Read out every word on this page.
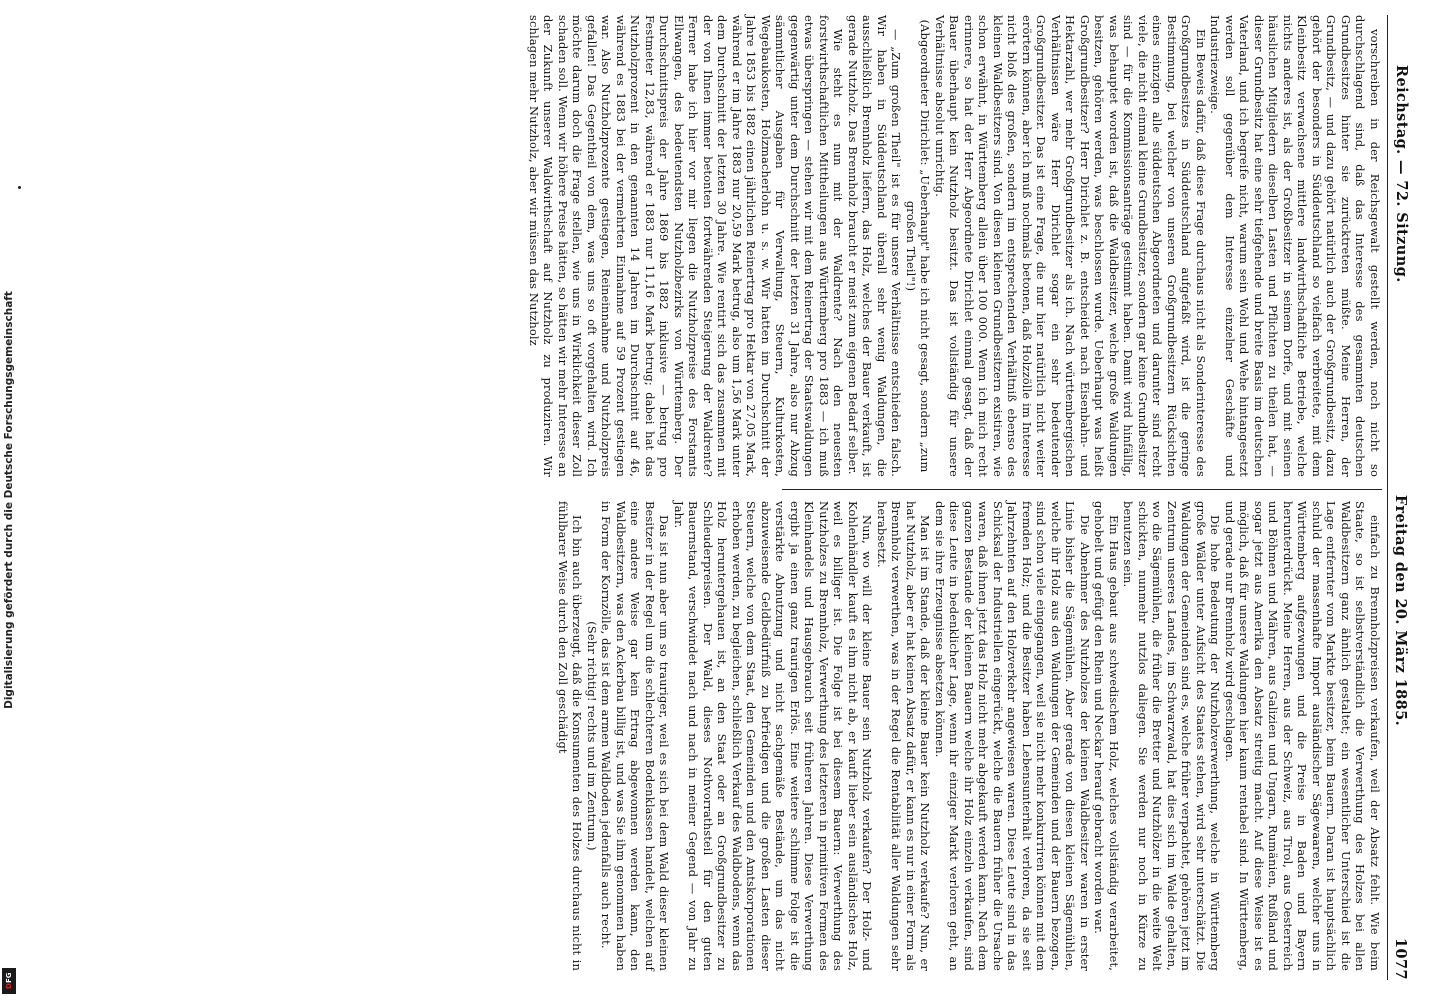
Digitalisierung gefördert durch die Deutsche Forschungsgemeinschaft
D
FG
Freitag den 20. März 1885.
1077
Reichstag. — 72. Sitzung.

vorschreiben in der Reichsgewalt gestellt werden, noch nicht so durchschlagend sind, daß das Interesse des gesammten deutschen Grundbesitzes hinter sie zurücktreten müßte. Meine Herren, der Grundbesitz, — und dazu gehört natürlich auch der Großgrundbesitz, dazu gehört der besonders in Süddeutschland so vielfach verbreitete, mit dem Kleinbesitz verwachsene mittlere landwirthschaftliche Betriebe, welche nichts anderes ist, als der Großbesitzer in seinem Dorfe, und mit seinen häuslichen Mitgliedern dieselben Lasten und Pflichten zu theilen hat, — dieser Grundbesitz hat eine sehr tiefgehende und breite Basis im deutschen Vaterland, und ich begreife nicht, warum sein Wohl und Wehe hintangesetzt werden soll gegenüber dem Interesse einzelner Geschäfte und Industriezweige.

Ein Beweis dafür, daß diese Frage durchaus nicht als Sonderinteresse des Großgrundbesitzes in Süddeutschland aufgefaßt wird, ist die geringe Bestimmung, bei welcher von unseren Großgrundbesitzern Rücksichten eines einzigen alle süddeutschen Abgeordneten und darunter sind recht viele, die nicht einmal kleine Grundbesitzer, sondern gar keine Grundbesitzer sind — für die Kommissionsanträge gestimmt haben. Damit wird hinfällig, was behauptet worden ist, daß die Waldbesitzer, welche große Waldungen besitzen, gehören werden, was beschlossen wurde. Ueberhaupt was heißt Großgrundbesitzer? Herr Dirichlet z. B. entscheidet nach Eisenbahn- und Hektarzahl, wer mehr Großgrundbesitzer als ich. Nach württembergischen Verhältnissen wäre Herr Dirichlet sogar ein sehr bedeutender Großgrundbesitzer. Das ist eine Frage, die nur hier natürlich nicht weiter erörtern können, aber ich muß nochmals betonen, daß Holzzölle im Interesse nicht bloß des großen, sondern im entsprechenden Verhältniß ebenso des kleinen Waldbesitzers sind. Von diesen kleinen Grundbesitzern existiren, wie schon erwähnt, in Württemberg allein über 100 000. Wenn ich mich recht erinnere, so hat der Herr Abgeordnete Dirichlet einmal gesagt, daß der Bauer überhaupt kein Nutzholz besitzt. Das ist vollständig für unsere Verhältnisse absolut unrichtig.

(Abgeordneter Dirichlet: „Ueberhaupt" habe ich nicht gesagt, sondern „zum großen Theil"!)

— „Zum großen Theil" ist es für unsere Verhältnisse entschieden falsch. Wir haben in Süddeutschland überall sehr wenig Waldungen, die ausschließlich Brennholz liefern, das Holz, welches der Bauer verkauft, ist gerade Nutzholz. Das Brennholz braucht er meist zum eigenen Bedarf selber.

Wie steht es nun mit der Waldrente? Nach den neuesten forstwirthschaftlichen Mittheilungen aus Württemberg pro 1883 — ich muß etwas überspringen — stehen wir mit dem Reinertrag der Staatswaldungen gegenwärtig unter dem Durchschnitt der letzten 31 Jahre, also nur Abzug sämmtlicher Ausgaben für Verwaltung, Steuern, Kulturkosten, Wegebaukosten, Holzmacherlohn u. s. w. Wir hatten im Durchschnitt der Jahre 1853 bis 1882 einen jährlichen Reinertrag pro Hektar von 27,05 Mark, während er im Jahre 1883 nur 20,59 Mark betrug, also um 1,56 Mark unter dem Durchschnitt der letzten 30 Jahre. Wie rentirt sich das zusammen mit der von Ihnen immer betonten fortwährenden Steigerung der Waldrente? Ferner habe ich hier vor mir liegen die Nutzholzpreise des Forstamts Ellwangen, des bedeutendsten Nutzholzbezirks von Württemberg. Der Durchschnittspreis der Jahre 1869 bis 1882 inklusive — betrug pro Festmeter 12,83, während er 1883 nur 11,16 Mark betrug; dabei hat das Nutzholzprozent in den genannten 14 Jahren im Durchschnitt auf 46, während es 1883 bei der vermehrten Einnahme auf 59 Prozent gestiegen war. Also Nutzholzprozente gestiegen, Reineinnahme und Nutzholzpreis gefallen! Das Gegentheil von dem, was uns so oft vorgehalten wird. Ich möchte darum doch die Frage stellen, wie uns in Wirklichkeit dieser Zoll schaden soll. Wenn wir höhere Preise hätten, so hätten wir mehr Interesse an der Zukunft unserer Waldwirthschaft auf Nutzholz zu produziren. Wir schlagen mehr Nutzholz, aber wir müssen das Nutzholz

einfach zu Brennholzpreisen verkaufen, weil der Absatz fehlt. Wie beim Staate, so ist selbstverständlich die Verwerthung des Holzes bei allen Waldbesitzern ganz ähnlich gestaltet; ein wesentlicher Unterschied ist die Lage entfernter vom Markte besitzer, beim Bauern. Daran ist hauptsächlich schuld der massenhafte Import ausländischer Sägewaaren, welcher uns in Württemberg aufgezwungen und die Preise in Baden und Bayern herunterdrückt. Meine Herren, aus der Schweiz, aus Tirol, aus Oesterreich und Böhmen und Mähren, aus Galizien und Ungarn, Rumänien, Rußland und sogar jetzt aus Amerika den Absatz streitig macht. Auf diese Weise ist es möglich, daß für unsere Waldungen hier kaum rentabel sind. In Württemberg, und gerade nur Brennholz wird geschlagen.

Die hohe Bedeutung der Nutzholzverwerthung, welche in Württemberg große Wälder unter Aufsicht des Staates stehen, wird sehr unterschätzt. Die Waldungen der Gemeinden sind es, welche früher verpachtet, gehören jetzt im Zentrum unseres Landes, im Schwarzwald, hat dies sich im Walde gehalten, wo die Sägemühlen, die früher die Bretter und Nutzhölzer in die weite Welt schickten, nunmehr nutzlos daliegen. Sie werden nur noch in Kürze zu benutzen sein.

Ein Haus gebaut aus schwedischem Holz, welches vollständig verarbeitet, gehobelt und gefügt den Rhein und Neckar herauf gebracht worden war.

Die Abnehmer des Nutzholzes der kleinen Waldbesitzer waren in erster Linie bisher die Sägemühlen. Aber gerade von diesen kleinen Sägemühlen, welche ihr Holz aus den Waldungen der Gemeinden und der Bauern bezogen, sind schon viele eingegangen, weil sie nicht mehr konkurriren können mit dem fremden Holz; und die Besitzer haben Lebensunterhalt verloren, da sie seit Jahrzehnten auf den Holzverkehr angewiesen waren. Diese Leute sind in das Schicksal der Industriellen eingerückt, welche die Bauern früher die Ursache waren, daß ihnen jetzt das Holz nicht mehr abgekauft werden kann. Nach dem ganzen Bestande der kleinen Bauern welche ihr Holz einzeln verkaufen, sind diese Leute in bedenklicher Lage, wenn ihr einziger Markt verloren geht, an dem sie ihre Erzeugnisse absetzen können.

Man ist im Stande, daß der kleine Bauer kein Nutzholz verkaufe? Nun, er hat Nutzholz, aber er hat keinen Absatz dafür, er kann es nur in einer Form als Brennholz verwerthen, was in der Regel die Rentabilität aller Waldungen sehr herabsetzt.

Nun, wo will der kleine Bauer sein Nutzholz verkaufen? Der Holz- und Kohlenhändler kauft es ihm nicht ab, er kauft lieber sein ausländisches Holz, weil es billiger ist. Die Folge ist bei diesem Bauern: Verwerthung des Nutzholzes zu Brennholz, Verwerthung des letzteren in primitiven Formen des Kleinhandels und Hausgebrauch seit früheren Jahren. Diese Verwerthung ergibt ja einen ganz traurigen Erlös. Eine weitere schlimme Folge ist die verstärkte Abnutzung und nicht sachgemäße Bestände, um das nicht abzuweisende Geldbedürfniß zu befriedigen und die großen Lasten dieser Steuern, welche von dem Staat, den Gemeinden und den Amtskorporationen erhoben werden, zu begleichen, schließlich Verkauf des Waldbodens, wenn das Holz heruntergehauen ist, an den Staat oder an Großgrundbesitzer zu Schleuderpreisen. Der Wald, dieses Nothvorrathsteil für den guten Bauernstand, verschwindet nach und nach in meiner Gegend — von Jahr zu Jahr.

Das ist nun aber um so trauriger, weil es sich bei dem Wald dieser kleinen Besitzer in der Regel um die schlechteren Bodenklassen handelt, welchen auf eine andere Weise gar kein Ertrag abgewonnen werden kann, den Waldbesitzern, was den Ackerbau billig ist, und was Sie ihm genommen haben in Form der Kornzölle, das ist dem armen Waldboden jedenfalls auch recht.

(Sehr richtig! rechts und im Zentrum.)

Ich bin auch überzeugt, daß die Konsumenten des Holzes durchaus nicht in fühlbarer Weise durch den Zoll geschädigt
